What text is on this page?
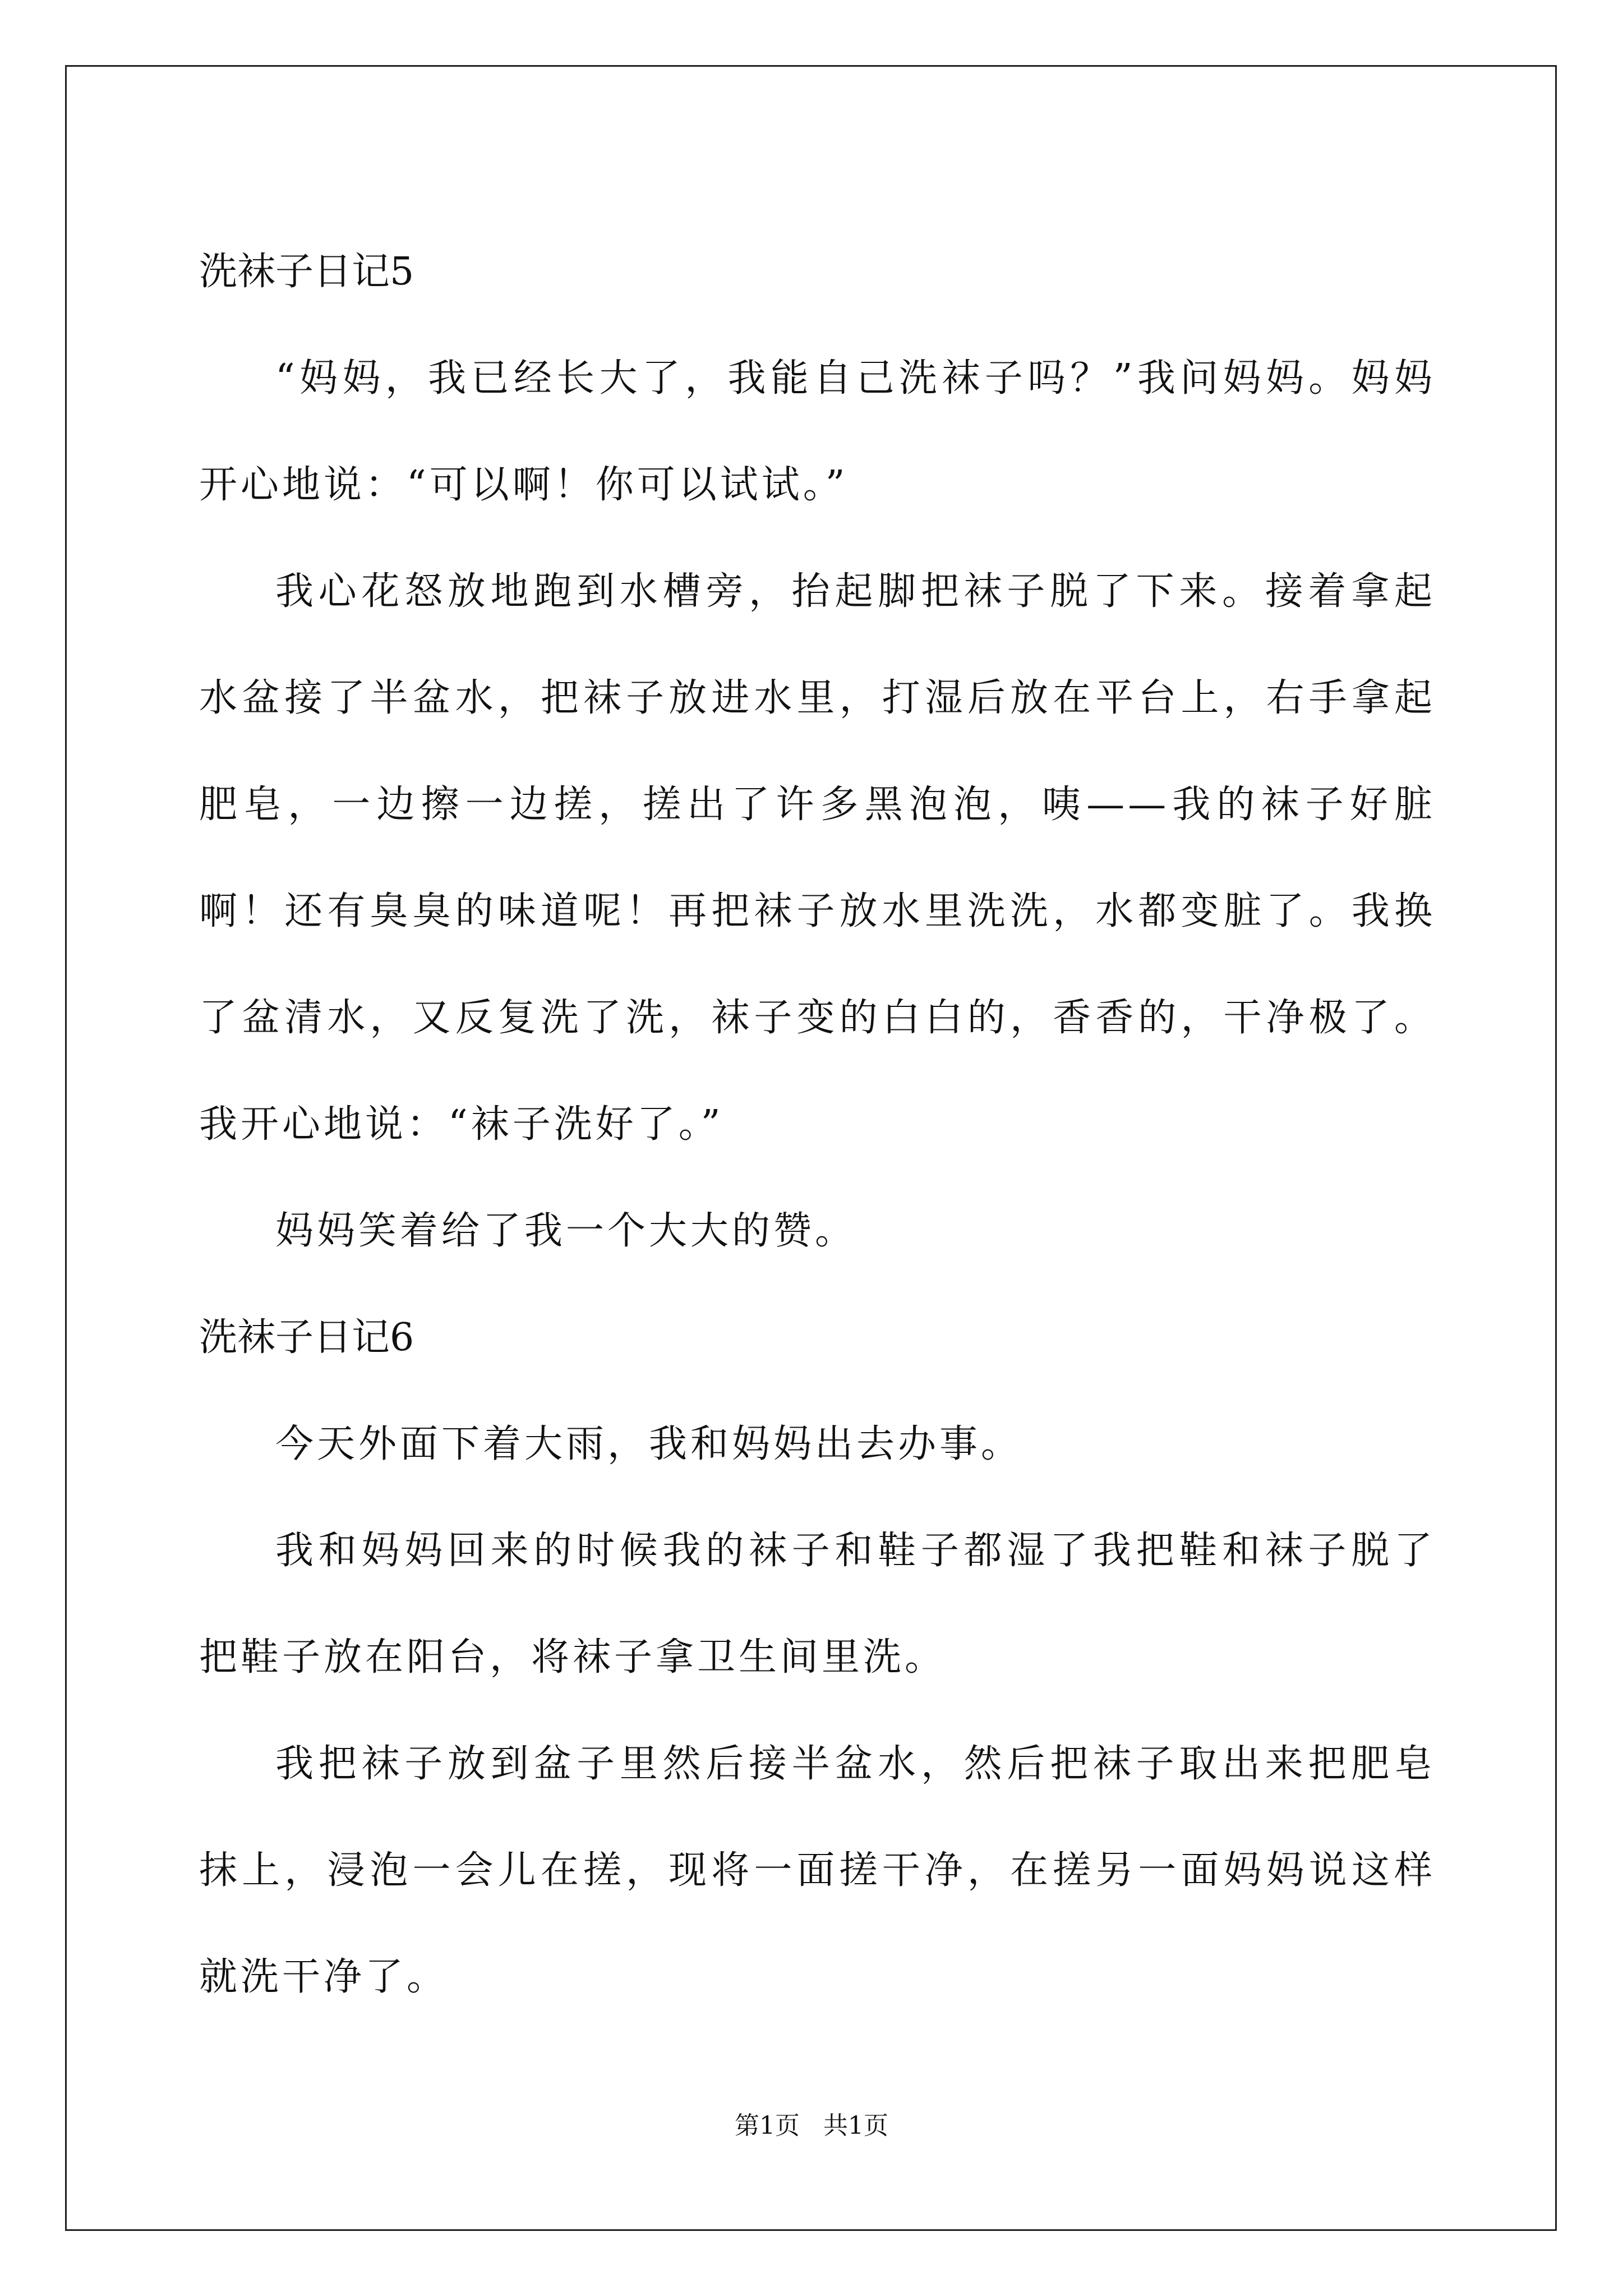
洗袜子日记5

“妈妈，我已经长大了，我能自己洗袜子吗？”我问妈妈。妈妈开心地说：“可以啊！你可以试试。”

我心花怒放地跑到水槽旁，抬起脚把袜子脱了下来。接着拿起水盆接了半盆水，把袜子放进水里，打湿后放在平台上，右手拿起肥皂，一边擦一边搓，搓出了许多黑泡泡，咦——我的袜子好脏啊！还有臭臭的味道呢！再把袜子放水里洗洗，水都变脏了。我换了盆清水，又反复洗了洗，袜子变的白白的，香香的，干净极了。我开心地说：“袜子洗好了。”

妈妈笑着给了我一个大大的赞。

洗袜子日记6

今天外面下着大雨，我和妈妈出去办事。

我和妈妈回来的时候我的袜子和鞋子都湿了我把鞋和袜子脱了把鞋子放在阳台，将袜子拿卫生间里洗。

我把袜子放到盆子里然后接半盆水，然后把袜子取出来把肥皂抹上，浸泡一会儿在搓，现将一面搓干净，在搓另一面妈妈说这样就洗干净了。

第1页 共1页
